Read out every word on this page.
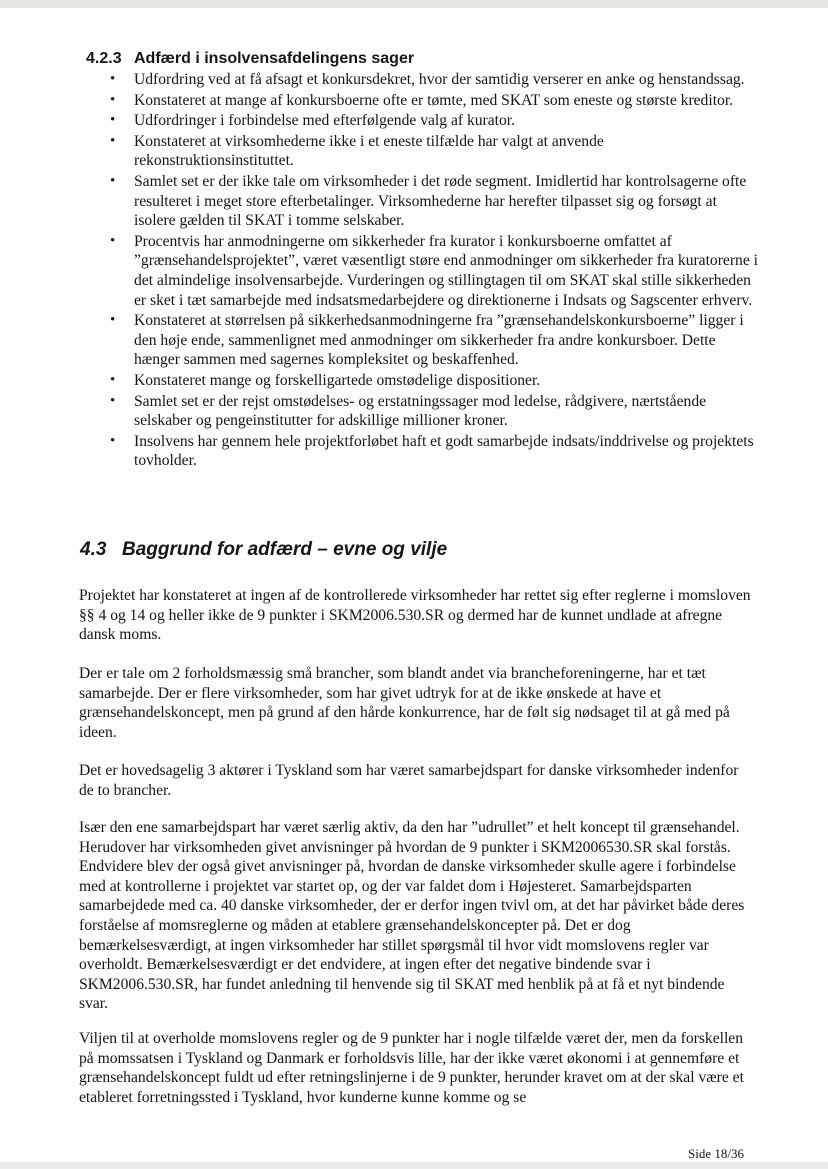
4.2.3 Adfærd i insolvensafdelingens sager
• Udfordring ved at få afsagt et konkursdekret, hvor der samtidig verserer en anke og henstandssag.
• Konstateret at mange af konkursboerne ofte er tømte, med SKAT som eneste og største kreditor.
• Udfordringer i forbindelse med efterfølgende valg af kurator.
• Konstateret at virksomhederne ikke i et eneste tilfælde har valgt at anvende rekonstruktionsinstituttet.
• Samlet set er der ikke tale om virksomheder i det røde segment. Imidlertid har kontrolsagerne ofte resulteret i meget store efterbetalinger. Virksomhederne har herefter tilpasset sig og forsøgt at isolere gælden til SKAT i tomme selskaber.
• Procentvis har anmodningerne om sikkerheder fra kurator i konkursboerne omfattet af ”grænsehandelsprojektet”, været væsentligt støre end anmodninger om sikkerheder fra kuratorerne i det almindelige insolvensarbejde. Vurderingen og stillingtagen til om SKAT skal stille sikkerheden er sket i tæt samarbejde med indsatsmedarbejdere og direktionerne i Indsats og Sagscenter erhverv.
• Konstateret at størrelsen på sikkerhedsanmodningerne fra ”grænsehandelskonkursboerne” ligger i den høje ende, sammenlignet med anmodninger om sikkerheder fra andre konkursboer. Dette hænger sammen med sagernes kompleksitet og beskaffenhed.
• Konstateret mange og forskelligartede omstødelige dispositioner.
• Samlet set er der rejst omstødelses- og erstatningssager mod ledelse, rådgivere, nærtstående selskaber og pengeinstitutter for adskillige millioner kroner.
• Insolvens har gennem hele projektforløbet haft et godt samarbejde indsats/inddrivelse og projektets tovholder.
4.3 Baggrund for adfærd – evne og vilje

Projektet har konstateret at ingen af de kontrollerede virksomheder har rettet sig efter reglerne i momsloven §§ 4 og 14 og heller ikke de 9 punkter i SKM2006.530.SR og dermed har de kunnet undlade at afregne dansk moms.

Der er tale om 2 forholdsmæssig små brancher, som blandt andet via brancheforeningerne, har et tæt samarbejde. Der er flere virksomheder, som har givet udtryk for at de ikke ønskede at have et grænsehandelskoncept, men på grund af den hårde konkurrence, har de følt sig nødsaget til at gå med på ideen.

Det er hovedsagelig 3 aktører i Tyskland som har været samarbejdspart for danske virksomheder indenfor de to brancher.

Især den ene samarbejdspart har været særlig aktiv, da den har ”udrullet” et helt koncept til grænsehandel. Herudover har virksomheden givet anvisninger på hvordan de 9 punkter i SKM2006530.SR skal forstås. Endvidere blev der også givet anvisninger på, hvordan de danske virksomheder skulle agere i forbindelse med at kontrollerne i projektet var startet op, og der var faldet dom i Højesteret. Samarbejdsparten samarbejdede med ca. 40 danske virksomheder, der er derfor ingen tvivl om, at det har påvirket både deres forståelse af momsreglerne og måden at etablere grænsehandelskoncepter på. Det er dog bemærkelsesværdigt, at ingen virksomheder har stillet spørgsmål til hvor vidt momslovens regler var overholdt. Bemærkelsesværdigt er det endvidere, at ingen efter det negative bindende svar i SKM2006.530.SR, har fundet anledning til henvende sig til SKAT med henblik på at få et nyt bindende svar.

Viljen til at overholde momslovens regler og de 9 punkter har i nogle tilfælde været der, men da forskellen på momssatsen i Tyskland og Danmark er forholdsvis lille, har der ikke været økonomi i at gennemføre et grænsehandelskoncept fuldt ud efter retningslinjerne i de 9 punkter, herunder kravet om at der skal være et etableret forretningssted i Tyskland, hvor kunderne kunne komme og se

Side 18/36
